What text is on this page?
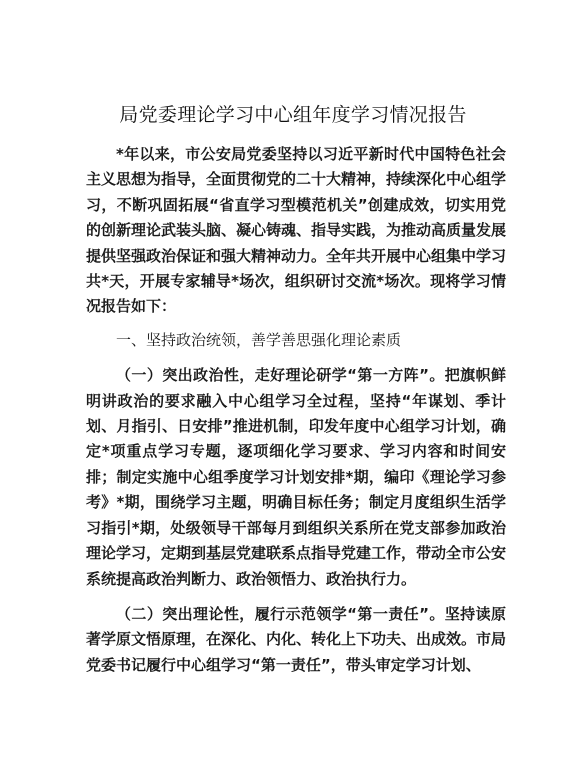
局党委理论学习中心组年度学习情况报告

*年以来，市公安局党委坚持以习近平新时代中国特色社会主义思想为指导，全面贯彻党的二十大精神，持续深化中心组学习，不断巩固拓展“省直学习型模范机关”创建成效，切实用党的创新理论武装头脑、凝心铸魂、指导实践，为推动高质量发展提供坚强政治保证和强大精神动力。全年共开展中心组集中学习共*天，开展专家辅导*场次，组织研讨交流*场次。现将学习情况报告如下：

一、坚持政治统领，善学善思强化理论素质

（一）突出政治性，走好理论研学“第一方阵”。把旗帜鲜明讲政治的要求融入中心组学习全过程，坚持“年谋划、季计划、月指引、日安排”推进机制，印发年度中心组学习计划，确定*项重点学习专题，逐项细化学习要求、学习内容和时间安排；制定实施中心组季度学习计划安排*期，编印《理论学习参考》*期，围绕学习主题，明确目标任务；制定月度组织生活学习指引*期，处级领导干部每月到组织关系所在党支部参加政治理论学习，定期到基层党建联系点指导党建工作，带动全市公安系统提高政治判断力、政治领悟力、政治执行力。

（二）突出理论性，履行示范领学“第一责任”。坚持读原著学原文悟原理，在深化、内化、转化上下功夫、出成效。市局党委书记履行中心组学习“第一责任”，带头审定学习计划、
